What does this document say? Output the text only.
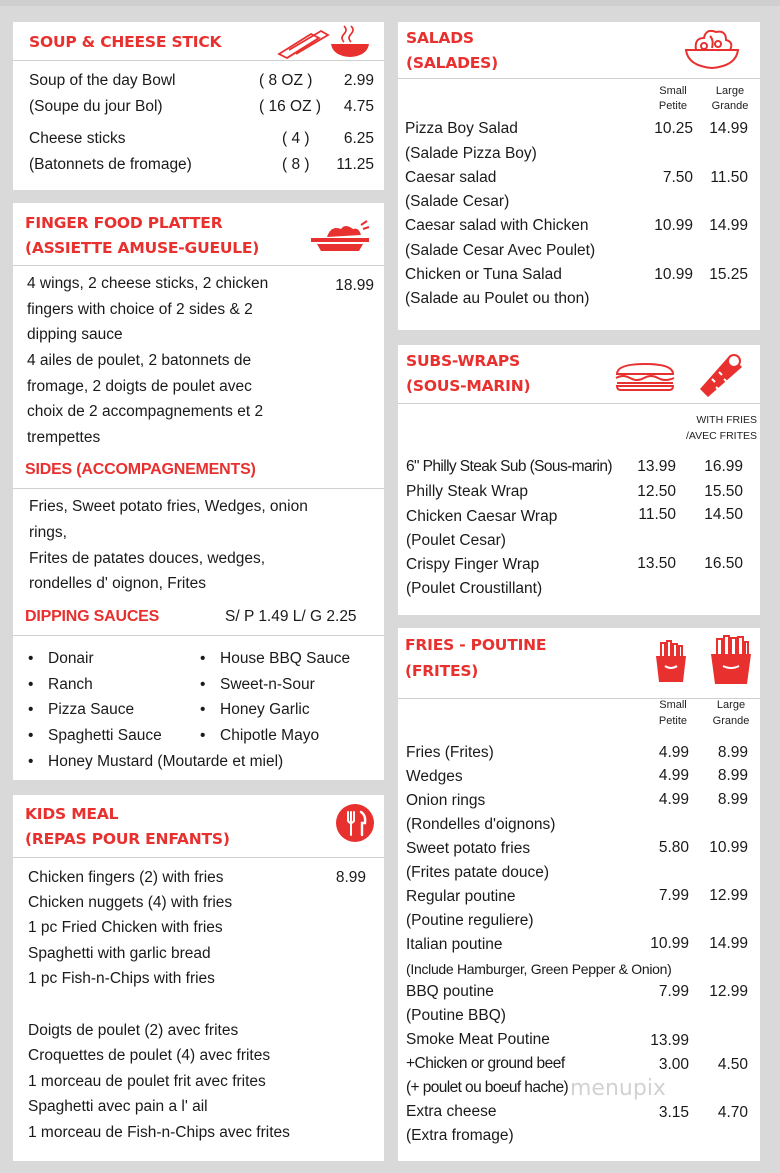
SOUP & CHEESE STICK
Soup of the day Bowl	( 8 OZ ) 2.99
(Soupe du jour Bol)	( 16 OZ ) 4.75
Cheese sticks	( 4 ) 6.25
(Batonnets de fromage)	( 8 ) 11.25
FINGER FOOD PLATTER
(ASSIETTE AMUSE-GUEULE)
4 wings, 2 cheese sticks, 2 chicken	18.99
fingers with choice of 2 sides & 2
dipping sauce
4 ailes de poulet, 2 batonnets de
fromage, 2 doigts de poulet avec
choix de 2 accompagnements et 2
trempettes
SIDES (ACCOMPAGNEMENTS)
Fries, Sweet potato fries, Wedges, onion
rings,
Frites de patates douces, wedges,
rondelles d' oignon, Frites
DIPPING SAUCES	S/ P 1.49 L/ G 2.25
• Donair
• Ranch
• Pizza Sauce
• Spaghetti Sauce
• House BBQ Sauce
• Sweet-n-Sour
• Honey Garlic
• Chipotle Mayo
• Honey Mustard (Moutarde et miel)
KIDS MEAL
(REPAS POUR ENFANTS)
Chicken fingers (2) with fries	8.99
Chicken nuggets (4) with fries
1 pc Fried Chicken with fries
Spaghetti with garlic bread
1 pc Fish-n-Chips with fries
Doigts de poulet (2) avec frites
Croquettes de poulet (4) avec frites
1 morceau de poulet frit avec frites
Spaghetti avec pain a l' ail
1 morceau de Fish-n-Chips avec frites
SALADS
(SALADES)
Small
Petite
Large
Grande
Pizza Boy Salad	10.25 14.99
(Salade Pizza Boy)
Caesar salad	7.50 11.50
(Salade Cesar)
Caesar salad with Chicken	10.99 14.99
(Salade Cesar Avec Poulet)
Chicken or Tuna Salad	10.99 15.25
(Salade au Poulet ou thon)
SUBS-WRAPS
(SOUS-MARIN)
WITH FRIES
/AVEC FRITES
6" Philly Steak Sub (Sous-marin) 13.99 16.99
Philly Steak Wrap	12.50 15.50
Chicken Caesar Wrap	11.50 14.50
(Poulet Cesar)
Crispy Finger Wrap	13.50 16.50
(Poulet Croustillant)
FRIES - POUTINE
(FRITES)
Small
Petite
Large
Grande
Fries (Frites)	4.99 8.99
Wedges	4.99 8.99
Onion rings	4.99 8.99
(Rondelles d'oignons)
Sweet potato fries	5.80 10.99
(Frites patate douce)
Regular poutine	7.99 12.99
(Poutine reguliere)
Italian poutine	10.99 14.99
(Include Hamburger, Green Pepper & Onion)
BBQ poutine	7.99 12.99
(Poutine BBQ)
Smoke Meat Poutine	13.99
+Chicken or ground beef	3.00 4.50
(+ poulet ou boeuf hache)
Extra cheese	3.15 4.70
(Extra fromage)
menupix
